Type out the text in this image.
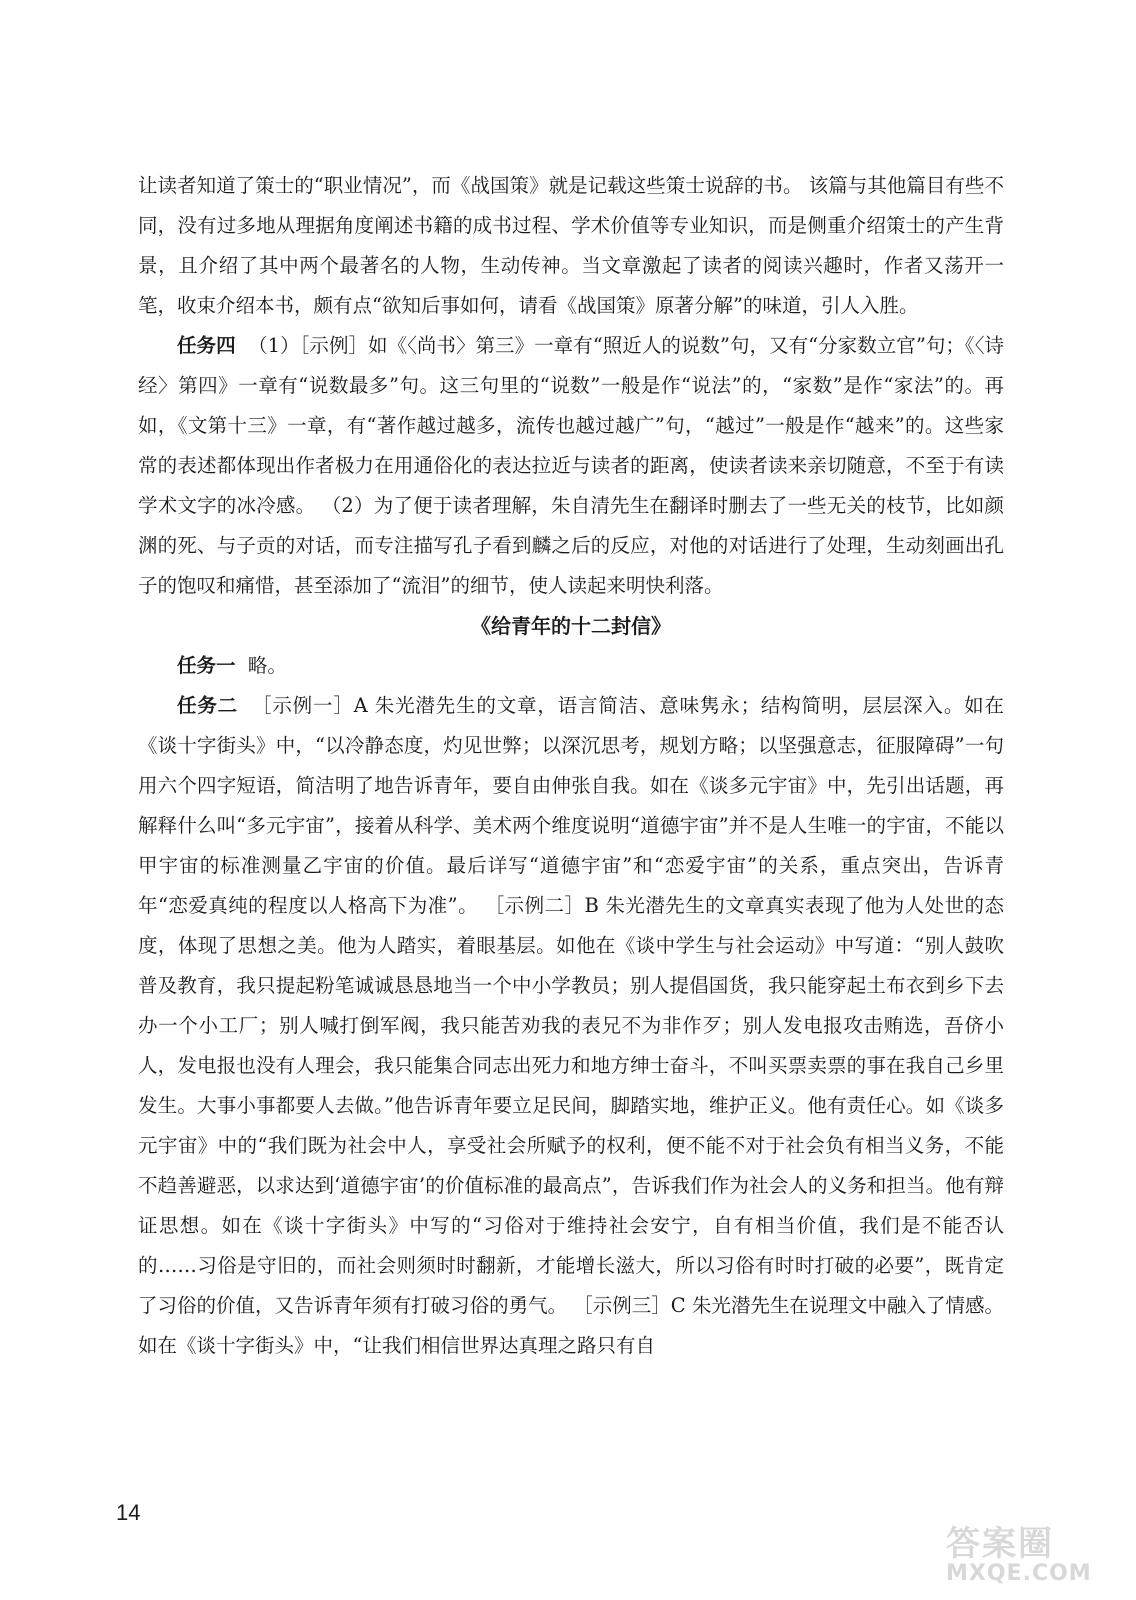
让读者知道了策士的“职业情况”，而《战国策》就是记载这些策士说辞的书。 该篇与其他篇目有些不同，没有过多地从理据角度阐述书籍的成书过程、学术价值等专业知识，而是侧重介绍策士的产生背景，且介绍了其中两个最著名的人物，生动传神。当文章激起了读者的阅读兴趣时，作者又荡开一笔，收束介绍本书，颇有点“欲知后事如何，请看《战国策》原著分解”的味道，引人入胜。

任务四 （1）［示例］如《〈尚书〉第三》一章有“照近人的说数”句，又有“分家数立官”句；《〈诗经〉第四》一章有“说数最多”句。这三句里的“说数”一般是作“说法”的，“家数”是作“家法”的。再如，《文第十三》一章，有“著作越过越多，流传也越过越广”句，“越过”一般是作“越来”的。这些家常的表述都体现出作者极力在用通俗化的表达拉近与读者的距离，使读者读来亲切随意，不至于有读学术文字的冰冷感。 （2）为了便于读者理解，朱自清先生在翻译时删去了一些无关的枝节，比如颜渊的死、与子贡的对话，而专注描写孔子看到麟之后的反应，对他的对话进行了处理，生动刻画出孔子的饱叹和痛惜，甚至添加了“流泪”的细节，使人读起来明快利落。

《给青年的十二封信》

任务一 略。

任务二 ［示例一］A 朱光潜先生的文章，语言简洁、意味隽永；结构简明，层层深入。如在《谈十字街头》中，“以冷静态度，灼见世弊；以深沉思考，规划方略；以坚强意志，征服障碍”一句用六个四字短语，简洁明了地告诉青年，要自由伸张自我。如在《谈多元宇宙》中，先引出话题，再解释什么叫“多元宇宙”，接着从科学、美术两个维度说明“道德宇宙”并不是人生唯一的宇宙，不能以甲宇宙的标准测量乙宇宙的价值。最后详写“道德宇宙”和“恋爱宇宙”的关系，重点突出，告诉青年“恋爱真纯的程度以人格高下为准”。 ［示例二］B 朱光潜先生的文章真实表现了他为人处世的态度，体现了思想之美。他为人踏实，着眼基层。如他在《谈中学生与社会运动》中写道：“别人鼓吹普及教育，我只提起粉笔诚诚恳恳地当一个中小学教员；别人提倡国货，我只能穿起土布衣到乡下去办一个小工厂；别人喊打倒军阀，我只能苦劝我的表兄不为非作歹；别人发电报攻击贿选，吾侪小人，发电报也没有人理会，我只能集合同志出死力和地方绅士奋斗，不叫买票卖票的事在我自己乡里发生。大事小事都要人去做。”他告诉青年要立足民间，脚踏实地，维护正义。他有责任心。如《谈多元宇宙》中的“我们既为社会中人，享受社会所赋予的权利，便不能不对于社会负有相当义务，不能不趋善避恶，以求达到‘道德宇宙’的价值标准的最高点”，告诉我们作为社会人的义务和担当。他有辩证思想。如在《谈十字街头》中写的“习俗对于维持社会安宁，自有相当价值，我们是不能否认的……习俗是守旧的，而社会则须时时翻新，才能增长滋大，所以习俗有时时打破的必要”，既肯定了习俗的价值，又告诉青年须有打破习俗的勇气。 ［示例三］C 朱光潜先生在说理文中融入了情感。如在《谈十字街头》中，“让我们相信世界达真理之路只有自

14
答案圈
MXQE.COM
